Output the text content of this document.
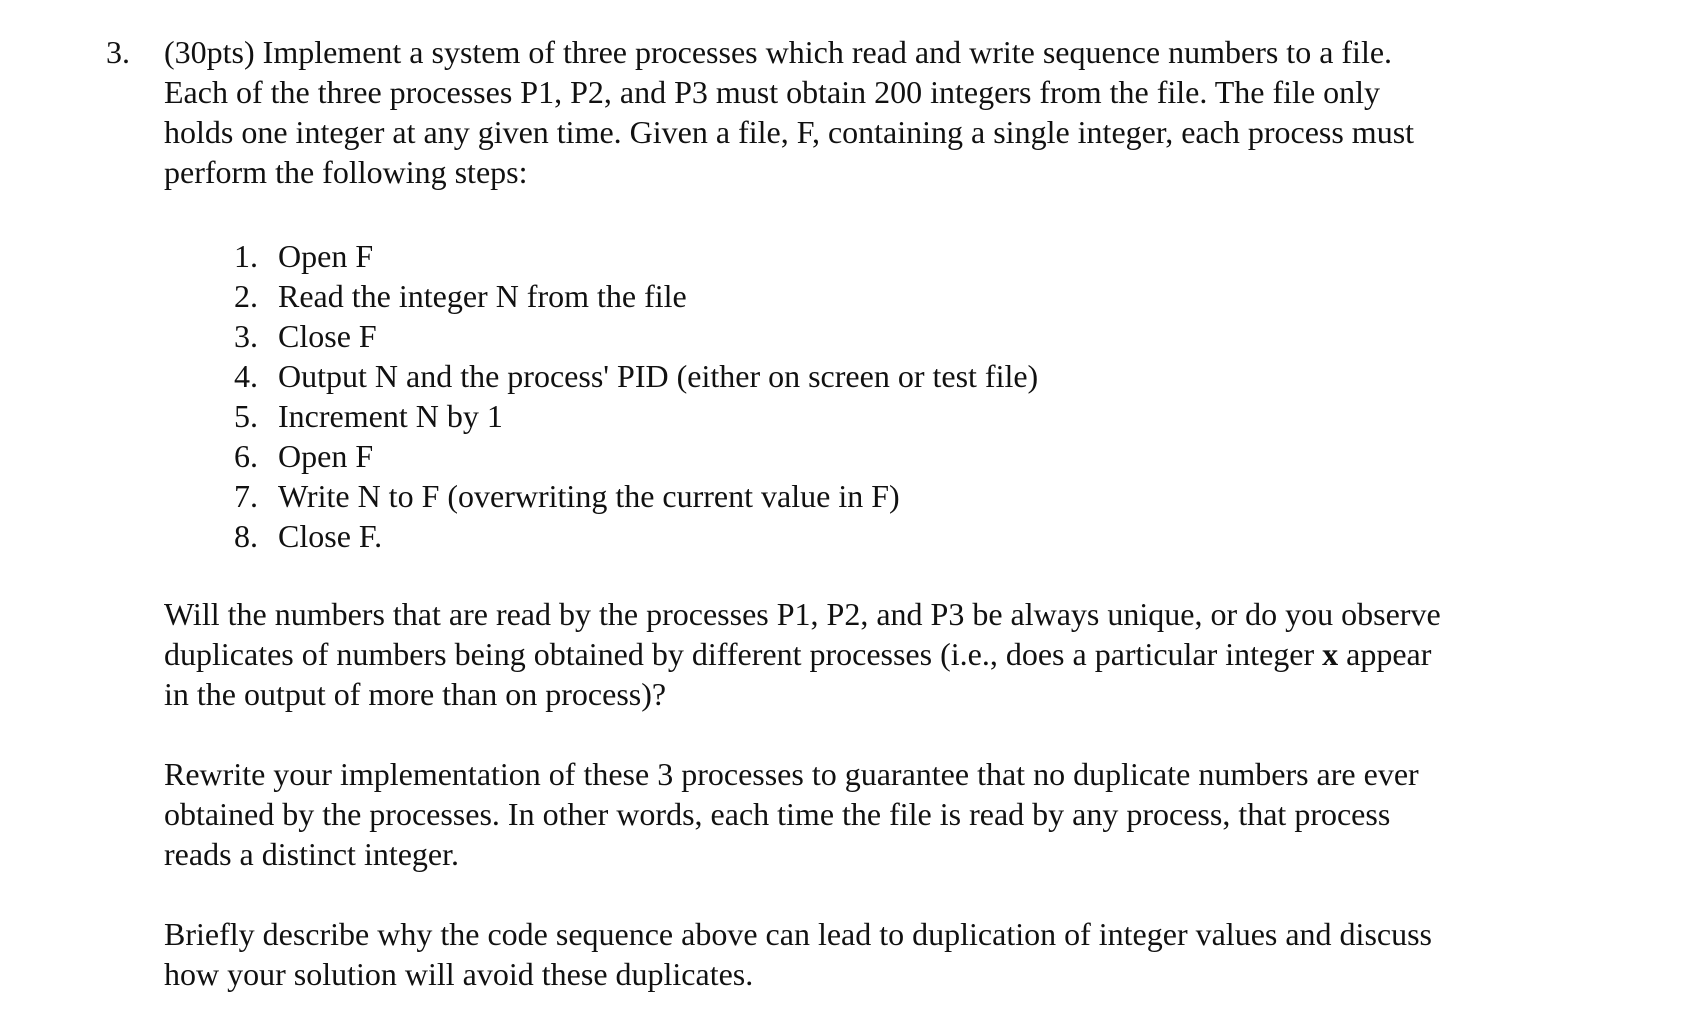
3.	(30pts) Implement a system of three processes which read and write sequence numbers to a file.
Each of the three processes P1, P2, and P3 must obtain 200 integers from the file. The file only
holds one integer at any given time. Given a file, F, containing a single integer, each process must
perform the following steps:

1. Open F
2. Read the integer N from the file
3. Close F
4. Output N and the process' PID (either on screen or test file)
5. Increment N by 1
6. Open F
7. Write N to F (overwriting the current value in F)
8. Close F.

Will the numbers that are read by the processes P1, P2, and P3 be always unique, or do you observe
duplicates of numbers being obtained by different processes (i.e., does a particular integer x appear
in the output of more than on process)?

Rewrite your implementation of these 3 processes to guarantee that no duplicate numbers are ever
obtained by the processes. In other words, each time the file is read by any process, that process
reads a distinct integer.

Briefly describe why the code sequence above can lead to duplication of integer values and discuss
how your solution will avoid these duplicates.
